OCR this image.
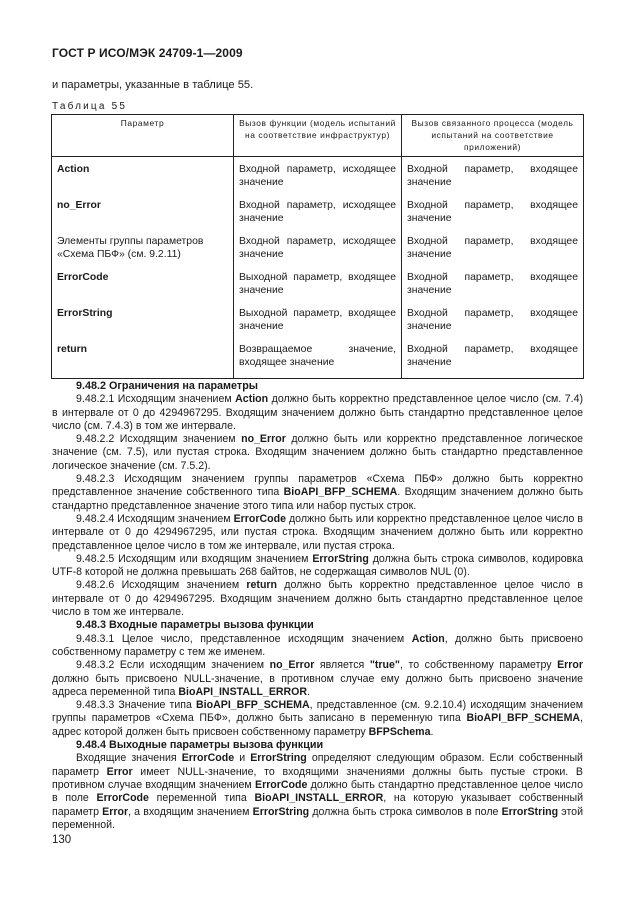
ГОСТ Р ИСО/МЭК 24709-1—2009
и параметры, указанные в таблице 55.
Таблица 55
Параметр	Вызов функции (модель испытаний на соответствие инфраструктур)	Вызов связанного процесса (модель испытаний на соответствие приложений)

Action	Входной параметр, исходящее значение	Входной параметр, входящее значение
no_Error	Входной параметр, исходящее значение	Входной параметр, входящее значение
Элементы группы параметров «Схема ПБФ» (см. 9.2.11)	Входной параметр, исходящее значение	Входной параметр, входящее значение
ErrorCode	Выходной параметр, входящее значение	Входной параметр, входящее значение
ErrorString	Выходной параметр, входящее значение	Входной параметр, входящее значение
return	Возвращаемое значение, входящее значение	Входной параметр, входящее значение

9.48.2 Ограничения на параметры

9.48.2.1 Исходящим значением Action должно быть корректно представленное целое число (см. 7.4) в интервале от 0 до 4294967295. Входящим значением должно быть стандартно представленное целое число (см. 7.4.3) в том же интервале.

9.48.2.2 Исходящим значением no_Error должно быть или корректно представленное логическое значение (см. 7.5), или пустая строка. Входящим значением должно быть стандартно представленное логическое значение (см. 7.5.2).

9.48.2.3 Исходящим значением группы параметров «Схема ПБФ» должно быть корректно представленное значение собственного типа BioAPI_BFP_SCHEMA. Входящим значением должно быть стандартно представленное значение этого типа или набор пустых строк.

9.48.2.4 Исходящим значением ErrorCode должно быть или корректно представленное целое число в интервале от 0 до 4294967295, или пустая строка. Входящим значением должно быть или корректно представленное целое число в том же интервале, или пустая строка.

9.48.2.5 Исходящим или входящим значением ErrorString должна быть строка символов, кодировка UTF-8 которой не должна превышать 268 байтов, не содержащая символов NUL (0).

9.48.2.6 Исходящим значением return должно быть корректно представленное целое число в интервале от 0 до 4294967295. Входящим значением должно быть стандартно представленное целое число в том же интервале.

9.48.3 Входные параметры вызова функции

9.48.3.1 Целое число, представленное исходящим значением Action, должно быть присвоено собственному параметру с тем же именем.

9.48.3.2 Если исходящим значением no_Error является "true", то собственному параметру Error должно быть присвоено NULL-значение, в противном случае ему должно быть присвоено значение адреса переменной типа BioAPI_INSTALL_ERROR.

9.48.3.3 Значение типа BioAPI_BFP_SCHEMA, представленное (см. 9.2.10.4) исходящим значением группы параметров «Схема ПБФ», должно быть записано в переменную типа BioAPI_BFP_SCHEMA, адрес которой должен быть присвоен собственному параметру BFPSchema.

9.48.4 Выходные параметры вызова функции

Входящие значения ErrorCode и ErrorString определяют следующим образом. Если собственный параметр Error имеет NULL-значение, то входящими значениями должны быть пустые строки. В противном случае входящим значением ErrorCode должно быть стандартно представленное целое число в поле ErrorCode переменной типа BioAPI_INSTALL_ERROR, на которую указывает собственный параметр Error, а входящим значением ErrorString должна быть строка символов в поле ErrorString этой переменной.

130
